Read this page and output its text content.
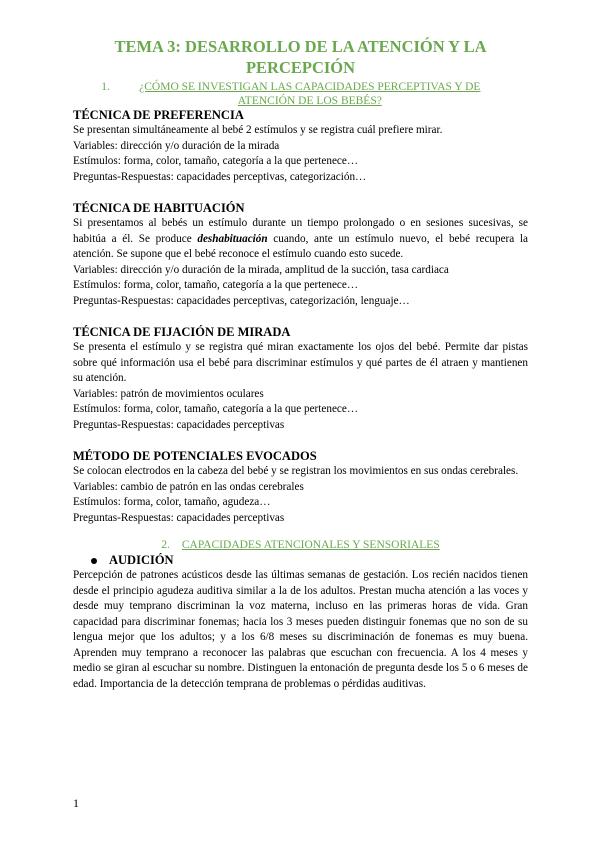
TEMA 3: DESARROLLO DE LA ATENCIÓN Y LA
PERCEPCIÓN
1.	¿CÓMO SE INVESTIGAN LAS CAPACIDADES PERCEPTIVAS Y DE ATENCIÓN DE LOS BEBÉS?
TÉCNICA DE PREFERENCIA

Se presentan simultáneamente al bebé 2 estímulos y se registra cuál prefiere mirar.

Variables: dirección y/o duración de la mirada

Estímulos: forma, color, tamaño, categoría a la que pertenece…

Preguntas-Respuestas: capacidades perceptivas, categorización…

TÉCNICA DE HABITUACIÓN

Si presentamos al bebés un estímulo durante un tiempo prolongado o en sesiones sucesivas, se habitúa a él. Se produce deshabituación cuando, ante un estímulo nuevo, el bebé recupera la atención. Se supone que el bebé reconoce el estímulo cuando esto sucede.

Variables: dirección y/o duración de la mirada, amplitud de la succión, tasa cardiaca

Estímulos: forma, color, tamaño, categoría a la que pertenece…

Preguntas-Respuestas: capacidades perceptivas, categorización, lenguaje…

TÉCNICA DE FIJACIÓN DE MIRADA

Se presenta el estímulo y se registra qué miran exactamente los ojos del bebé. Permite dar pistas sobre qué información usa el bebé para discriminar estímulos y qué partes de él atraen y mantienen su atención.

Variables: patrón de movimientos oculares

Estímulos: forma, color, tamaño, categoría a la que pertenece…

Preguntas-Respuestas: capacidades perceptivas

MÉTODO DE POTENCIALES EVOCADOS

Se colocan electrodos en la cabeza del bebé y se registran los movimientos en sus ondas cerebrales.

Variables: cambio de patrón en las ondas cerebrales

Estímulos: forma, color, tamaño, agudeza…

Preguntas-Respuestas: capacidades perceptivas

2. CAPACIDADES ATENCIONALES Y SENSORIALES
AUDICIÓN

Percepción de patrones acústicos desde las últimas semanas de gestación. Los recién nacidos tienen desde el principio agudeza auditiva similar a la de los adultos. Prestan mucha atención a las voces y desde muy temprano discriminan la voz materna, incluso en las primeras horas de vida. Gran capacidad para discriminar fonemas; hacia los 3 meses pueden distinguir fonemas que no son de su lengua mejor que los adultos; y a los 6/8 meses su discriminación de fonemas es muy buena. Aprenden muy temprano a reconocer las palabras que escuchan con frecuencia. A los 4 meses y medio se giran al escuchar su nombre. Distinguen la entonación de pregunta desde los 5 o 6 meses de edad. Importancia de la detección temprana de problemas o pérdidas auditivas.

1
